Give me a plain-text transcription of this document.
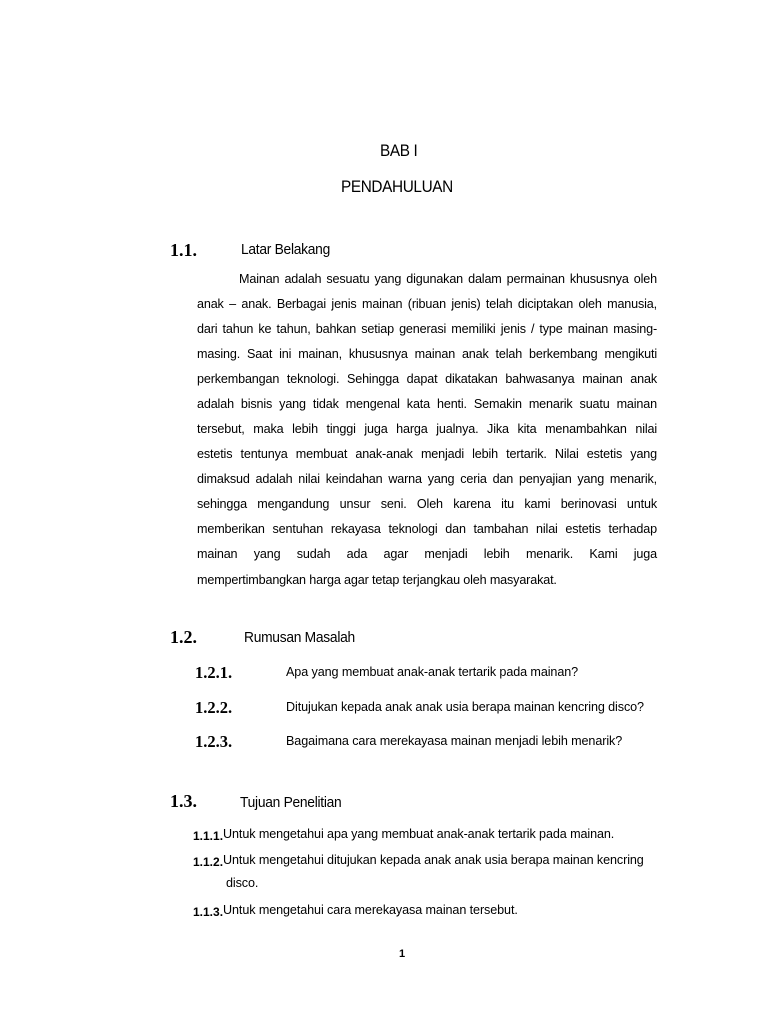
BAB I
PENDAHULUAN
1.1.	Latar Belakang
Mainan adalah sesuatu yang digunakan dalam permainan khususnya oleh
anak – anak. Berbagai jenis mainan (ribuan jenis) telah diciptakan oleh manusia,
dari tahun ke tahun, bahkan setiap generasi memiliki jenis / type mainan masing-
masing. Saat ini mainan, khususnya mainan anak telah berkembang mengikuti
perkembangan teknologi. Sehingga dapat dikatakan bahwasanya mainan anak
adalah bisnis yang tidak mengenal kata henti. Semakin menarik suatu mainan
tersebut, maka lebih tinggi juga harga jualnya. Jika kita menambahkan nilai
estetis tentunya membuat anak-anak menjadi lebih tertarik. Nilai estetis yang
dimaksud adalah nilai keindahan warna yang ceria dan penyajian yang menarik,
sehingga mengandung unsur seni. Oleh karena itu kami berinovasi untuk
memberikan sentuhan rekayasa teknologi dan tambahan nilai estetis terhadap
mainan yang sudah ada agar menjadi lebih menarik. Kami juga
mempertimbangkan harga agar tetap terjangkau oleh masyarakat.
1.2.	Rumusan Masalah
1.2.1.	Apa yang membuat anak-anak tertarik pada mainan?
1.2.2.	Ditujukan kepada anak anak usia berapa mainan kencring disco?
1.2.3.	Bagaimana cara merekayasa mainan menjadi lebih menarik?
1.3.	Tujuan Penelitian
1.1.1.Untuk mengetahui apa yang membuat anak-anak tertarik pada mainan.
1.1.2.Untuk mengetahui ditujukan kepada anak anak usia berapa mainan kencring
disco.
1.1.3.Untuk mengetahui cara merekayasa mainan tersebut.
1
